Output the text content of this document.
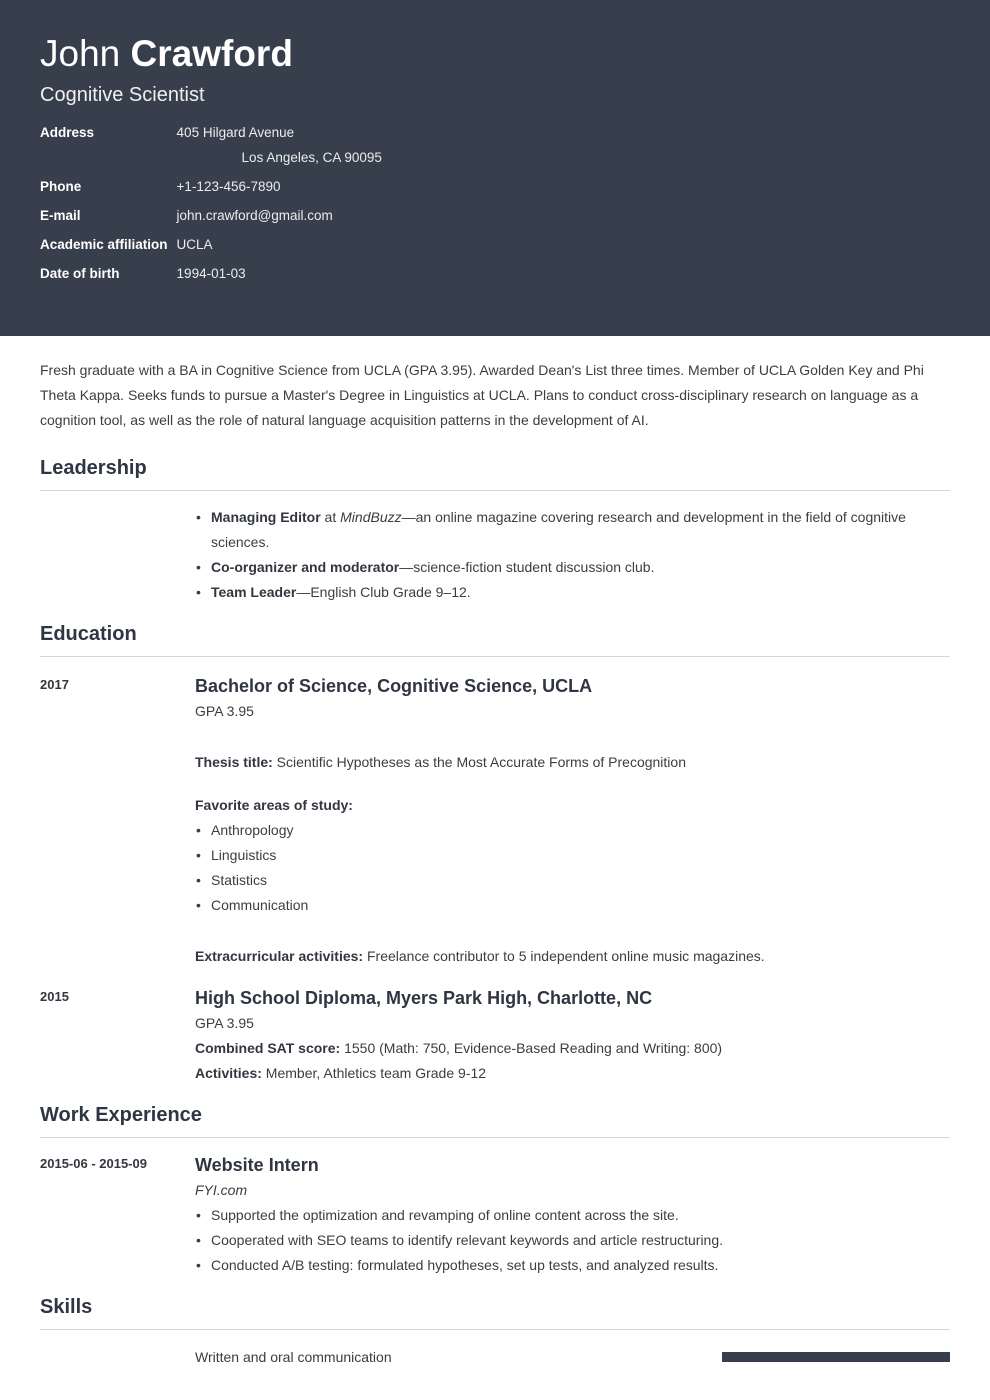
John Crawford
Cognitive Scientist
Address	405 Hilgard Avenue
Los Angeles, CA 90095

Phone	+1-123-456-7890
E-mail	john.crawford@gmail.com
Academic affiliation	UCLA
Date of birth	1994-01-03
Fresh graduate with a BA in Cognitive Science from UCLA (GPA 3.95). Awarded Dean's List three times. Member of UCLA Golden Key and Phi Theta Kappa. Seeks funds to pursue a Master's Degree in Linguistics at UCLA. Plans to conduct cross-disciplinary research on language as a cognition tool, as well as the role of natural language acquisition patterns in the development of AI.
Leadership
• Managing Editor at MindBuzz—an online magazine covering research and development in the field of cognitive sciences.
• Co-organizer and moderator—science-fiction student discussion club.
• Team Leader—English Club Grade 9–12.
Education
2017	Bachelor of Science, Cognitive Science, UCLA
GPA 3.95
Thesis title: Scientific Hypotheses as the Most Accurate Forms of Precognition
Favorite areas of study:
• Anthropology
• Linguistics
• Statistics
• Communication
Extracurricular activities: Freelance contributor to 5 independent online music magazines.
2015	High School Diploma, Myers Park High, Charlotte, NC
GPA 3.95
Combined SAT score: 1550 (Math: 750, Evidence-Based Reading and Writing: 800)
Activities: Member, Athletics team Grade 9-12
Work Experience
2015-06 - 2015-09	Website Intern
FYI.com
• Supported the optimization and revamping of online content across the site.
• Cooperated with SEO teams to identify relevant keywords and article restructuring.
• Conducted A/B testing: formulated hypotheses, set up tests, and analyzed results.
Skills
Written and oral communication
